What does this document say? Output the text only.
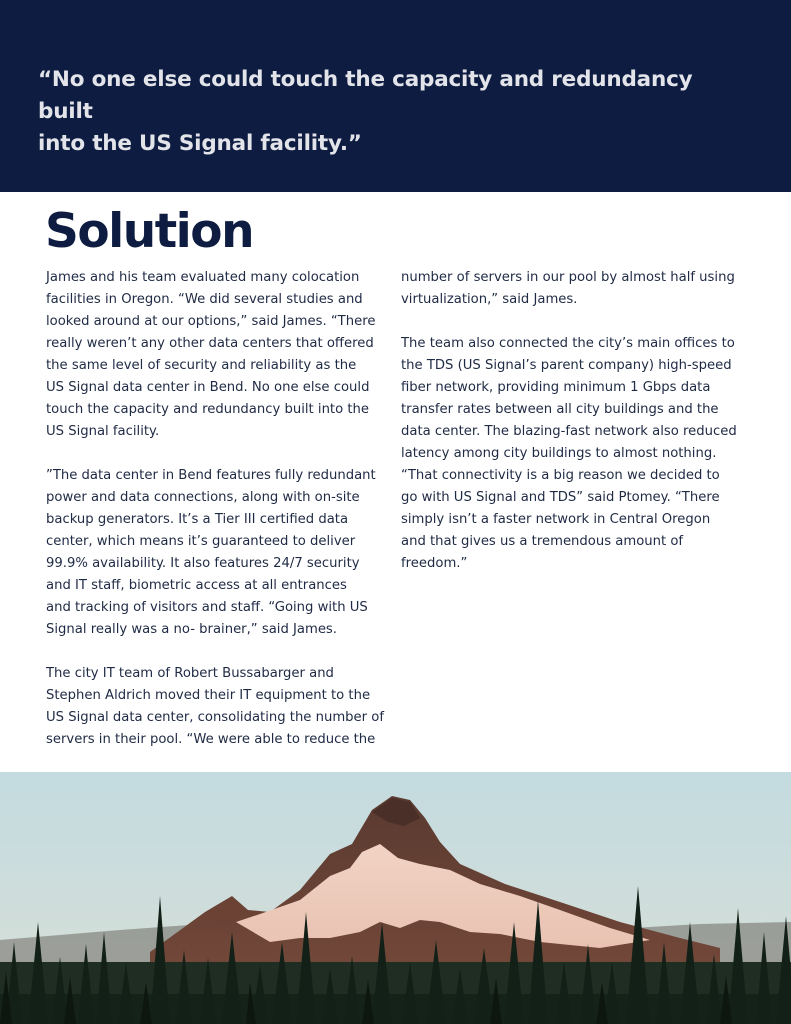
“No one else could touch the capacity and redundancy built
into the US Signal facility.”

Solution

James and his team evaluated many colocation
facilities in Oregon. “We did several studies and
looked around at our options,” said James. “There
really weren’t any other data centers that offered
the same level of security and reliability as the
US Signal data center in Bend. No one else could
touch the capacity and redundancy built into the
US Signal facility.

”The data center in Bend features fully redundant
power and data connections, along with on-site
backup generators. It’s a Tier III certified data
center, which means it’s guaranteed to deliver
99.9% availability. It also features 24/7 security
and IT staff, biometric access at all entrances
and tracking of visitors and staff. “Going with US
Signal really was a no- brainer,” said James.

The city IT team of Robert Bussabarger and
Stephen Aldrich moved their IT equipment to the
US Signal data center, consolidating the number of
servers in their pool. “We were able to reduce the

number of servers in our pool by almost half using
virtualization,” said James.

The team also connected the city’s main offices to
the TDS (US Signal’s parent company) high-speed
fiber network, providing minimum 1 Gbps data
transfer rates between all city buildings and the
data center. The blazing-fast network also reduced
latency among city buildings to almost nothing.
“That connectivity is a big reason we decided to
go with US Signal and TDS” said Ptomey. “There
simply isn’t a faster network in Central Oregon
and that gives us a tremendous amount of
freedom.”
